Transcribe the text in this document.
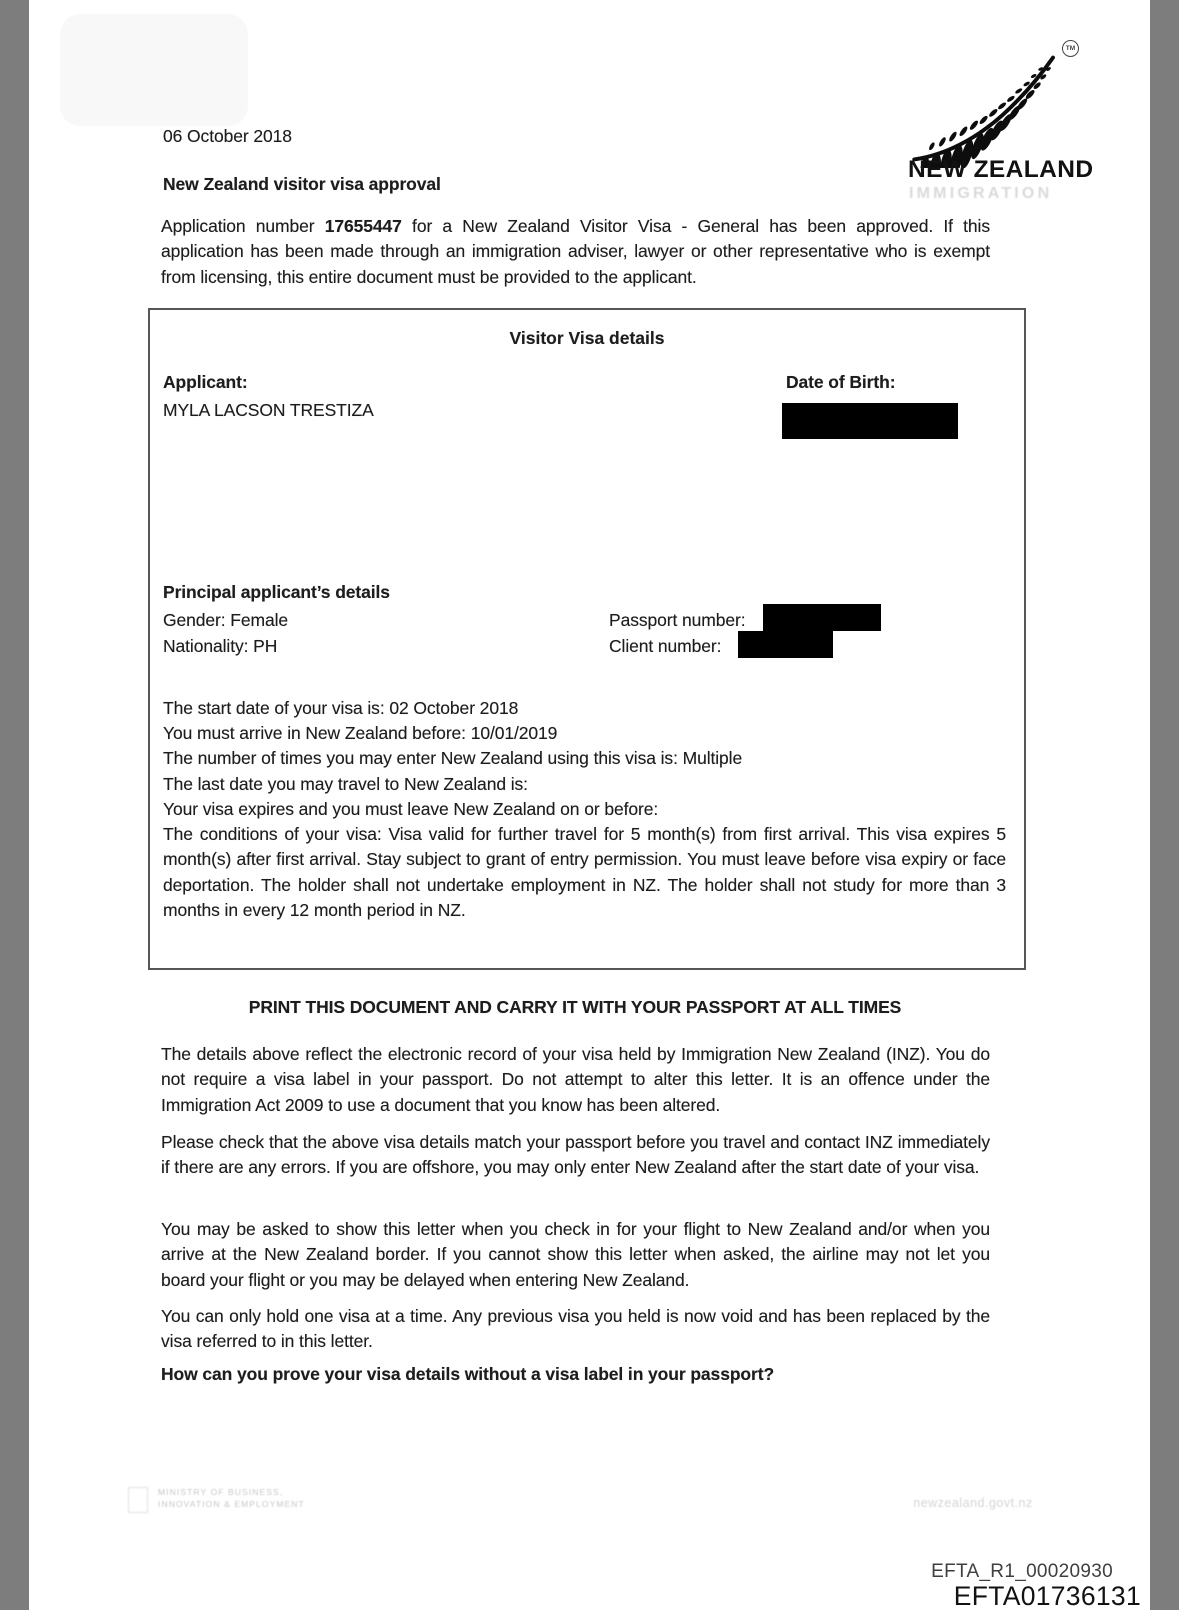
TM
NEW ZEALAND
IMMIGRATION
06 October 2018
New Zealand visitor visa approval
Application number 17655447 for a New Zealand Visitor Visa - General has been approved. If this application has been made through an immigration adviser, lawyer or other representative who is exempt from licensing, this entire document must be provided to the applicant.
Visitor Visa details
Applicant:
MYLA LACSON TRESTIZA
Date of Birth:
Principal applicant’s details
Gender: Female
Nationality: PH
Passport number:
Client number:
The start date of your visa is: 02 October 2018
You must arrive in New Zealand before: 10/01/2019
The number of times you may enter New Zealand using this visa is: Multiple
The last date you may travel to New Zealand is:
Your visa expires and you must leave New Zealand on or before:
The conditions of your visa: Visa valid for further travel for 5 month(s) from first arrival. This visa expires 5 month(s) after first arrival. Stay subject to grant of entry permission. You must leave before visa expiry or face deportation. The holder shall not undertake employment in NZ. The holder shall not study for more than 3 months in every 12 month period in NZ.
PRINT THIS DOCUMENT AND CARRY IT WITH YOUR PASSPORT AT ALL TIMES
The details above reflect the electronic record of your visa held by Immigration New Zealand (INZ). You do not require a visa label in your passport. Do not attempt to alter this letter. It is an offence under the Immigration Act 2009 to use a document that you know has been altered.
Please check that the above visa details match your passport before you travel and contact INZ immediately if there are any errors. If you are offshore, you may only enter New Zealand after the start date of your visa.
You may be asked to show this letter when you check in for your flight to New Zealand and/or when you arrive at the New Zealand border. If you cannot show this letter when asked, the airline may not let you board your flight or you may be delayed when entering New Zealand.
You can only hold one visa at a time. Any previous visa you held is now void and has been replaced by the visa referred to in this letter.
How can you prove your visa details without a visa label in your passport?
MINISTRY OF BUSINESS,
INNOVATION & EMPLOYMENT	newzealand.govt.nz
EFTA_R1_00020930
EFTA01736131
